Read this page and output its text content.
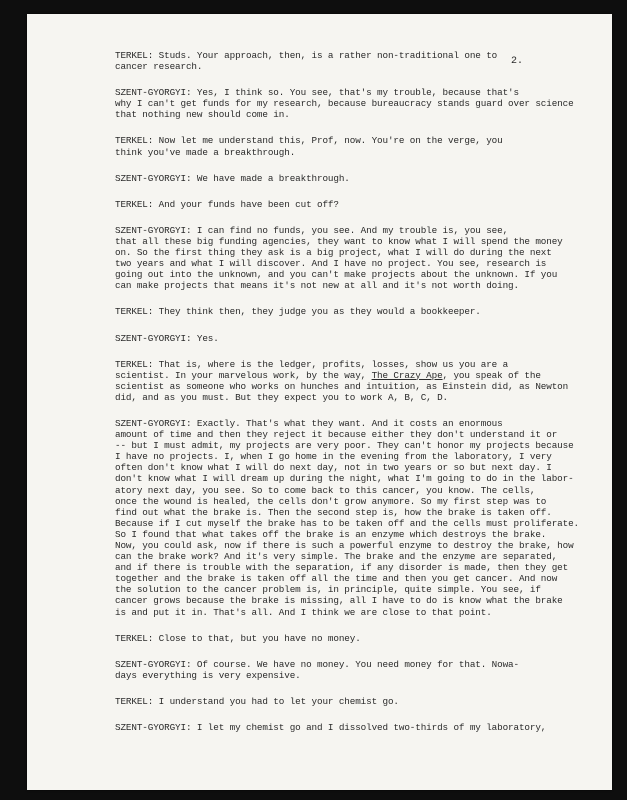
2.
TERKEL: Studs. Your approach, then, is a rather non-traditional one to
cancer research.
SZENT-GYORGYI: Yes, I think so. You see, that's my trouble, because that's
why I can't get funds for my research, because bureaucracy stands guard over science
that nothing new should come in.
TERKEL: Now let me understand this, Prof, now. You're on the verge, you
think you've made a breakthrough.
SZENT-GYORGYI: We have made a breakthrough.
TERKEL: And your funds have been cut off?
SZENT-GYORGYI: I can find no funds, you see. And my trouble is, you see,
that all these big funding agencies, they want to know what I will spend the money
on. So the first thing they ask is a big project, what I will do during the next
two years and what I will discover. And I have no project. You see, research is
going out into the unknown, and you can't make projects about the unknown. If you
can make projects that means it's not new at all and it's not worth doing.
TERKEL: They think then, they judge you as they would a bookkeeper.
SZENT-GYORGYI: Yes.
TERKEL: That is, where is the ledger, profits, losses, show us you are a
scientist. In your marvelous work, by the way, The Crazy Ape, you speak of the
scientist as someone who works on hunches and intuition, as Einstein did, as Newton
did, and as you must. But they expect you to work A, B, C, D.
SZENT-GYORGYI: Exactly. That's what they want. And it costs an enormous
amount of time and then they reject it because either they don't understand it or
-- but I must admit, my projects are very poor. They can't honor my projects because
I have no projects. I, when I go home in the evening from the laboratory, I very
often don't know what I will do next day, not in two years or so but next day. I
don't know what I will dream up during the night, what I'm going to do in the labor-
atory next day, you see. So to come back to this cancer, you know. The cells,
once the wound is healed, the cells don't grow anymore. So my first step was to
find out what the brake is. Then the second step is, how the brake is taken off.
Because if I cut myself the brake has to be taken off and the cells must proliferate.
So I found that what takes off the brake is an enzyme which destroys the brake.
Now, you could ask, now if there is such a powerful enzyme to destroy the brake, how
can the brake work? And it's very simple. The brake and the enzyme are separated,
and if there is trouble with the separation, if any disorder is made, then they get
together and the brake is taken off all the time and then you get cancer. And now
the solution to the cancer problem is, in principle, quite simple. You see, if
cancer grows because the brake is missing, all I have to do is know what the brake
is and put it in. That's all. And I think we are close to that point.
TERKEL: Close to that, but you have no money.
SZENT-GYORGYI: Of course. We have no money. You need money for that. Nowa-
days everything is very expensive.
TERKEL: I understand you had to let your chemist go.
SZENT-GYORGYI: I let my chemist go and I dissolved two-thirds of my laboratory,
